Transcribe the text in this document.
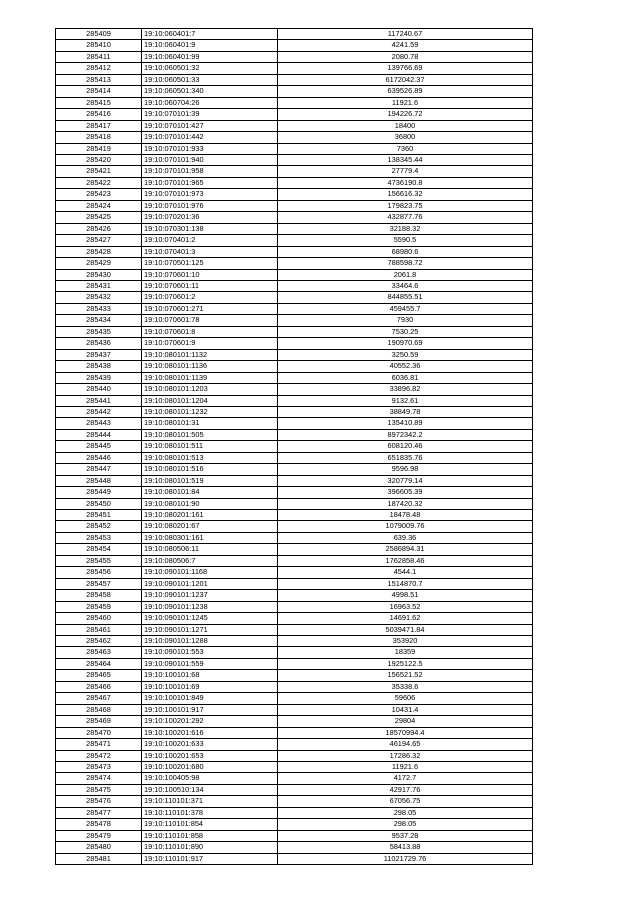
285409	19:10:060401:7	117240.67
285410	19:10:060401:9	4241.59
285411	19:10:060401:99	2080.78
285412	19:10:060501:32	139766.69
285413	19:10:060501:33	6172042.37
285414	19:10:060501:340	639526.89
285415	19:10:060704:26	11921.6
285416	19:10:070101:39	194226.72
285417	19:10:070101:427	18400
285418	19:10:070101:442	36800
285419	19:10:070101:933	7360
285420	19:10:070101:940	138345.44
285421	19:10:070101:958	27779.4
285422	19:10:070101:965	4736190.8
285423	19:10:070101:973	156616.32
285424	19:10:070101:976	179823.75
285425	19:10:070201:36	432877.76
285426	19:10:070301:138	32188.32
285427	19:10:070401:2	5590.5
285428	19:10:070401:3	68980.6
285429	19:10:070501:125	788598.72
285430	19:10:070601:10	2061.8
285431	19:10:070601:11	33464.6
285432	19:10:070601:2	844855.51
285433	19:10:070601:271	459455.7
285434	19:10:070601:78	7930
285435	19:10:070601:8	7530.25
285436	19:10:070601:9	190970.69
285437	19:10:080101:1132	3250.59
285438	19:10:080101:1136	40552.36
285439	19:10:080101:1139	6036.81
285440	19:10:080101:1203	33896.82
285441	19:10:080101:1204	9132.61
285442	19:10:080101:1232	38849.78
285443	19:10:080101:31	135410.89
285444	19:10:080101:505	8972342.2
285445	19:10:080101:511	608120.46
285446	19:10:080101:513	651835.76
285447	19:10:080101:516	9596.98
285448	19:10:080101:519	320779.14
285449	19:10:080101:84	396605.39
285450	19:10:080101:90	187420.32
285451	19:10:080201:161	18478.48
285452	19:10:080201:67	1079009.76
285453	19:10:080301:161	639.36
285454	19:10:080506:11	2586894.31
285455	19:10:080506:7	1762858.46
285456	19:10:090101:1168	4544.1
285457	19:10:090101:1201	1514870.7
285458	19:10:090101:1237	4998.51
285459	19:10:090101:1238	16963.52
285460	19:10:090101:1245	14691.62
285461	19:10:090101:1271	5039471.84
285462	19:10:090101:1288	353920
285463	19:10:090101:553	18359
285464	19:10:090101:559	1925122.5
285465	19:10:100101:68	156521.52
285466	19:10:100101:69	35338.6
285467	19:10:100101:849	59606
285468	19:10:100101:917	10431.4
285469	19:10:100201:292	29804
285470	19:10:100201:616	18570994.4
285471	19:10:100201:633	46194.65
285472	19:10:100201:653	17286.32
285473	19:10:100201:680	11921.6
285474	19:10:100405:98	4172.7
285475	19:10:100510:134	42917.76
285476	19:10:110101:371	67056.75
285477	19:10:110101:378	298.05
285478	19:10:110101:854	298.05
285479	19:10:110101:858	9537.28
285480	19:10:110101:890	58413.88
285481	19:10:110101:917	11021729.76
